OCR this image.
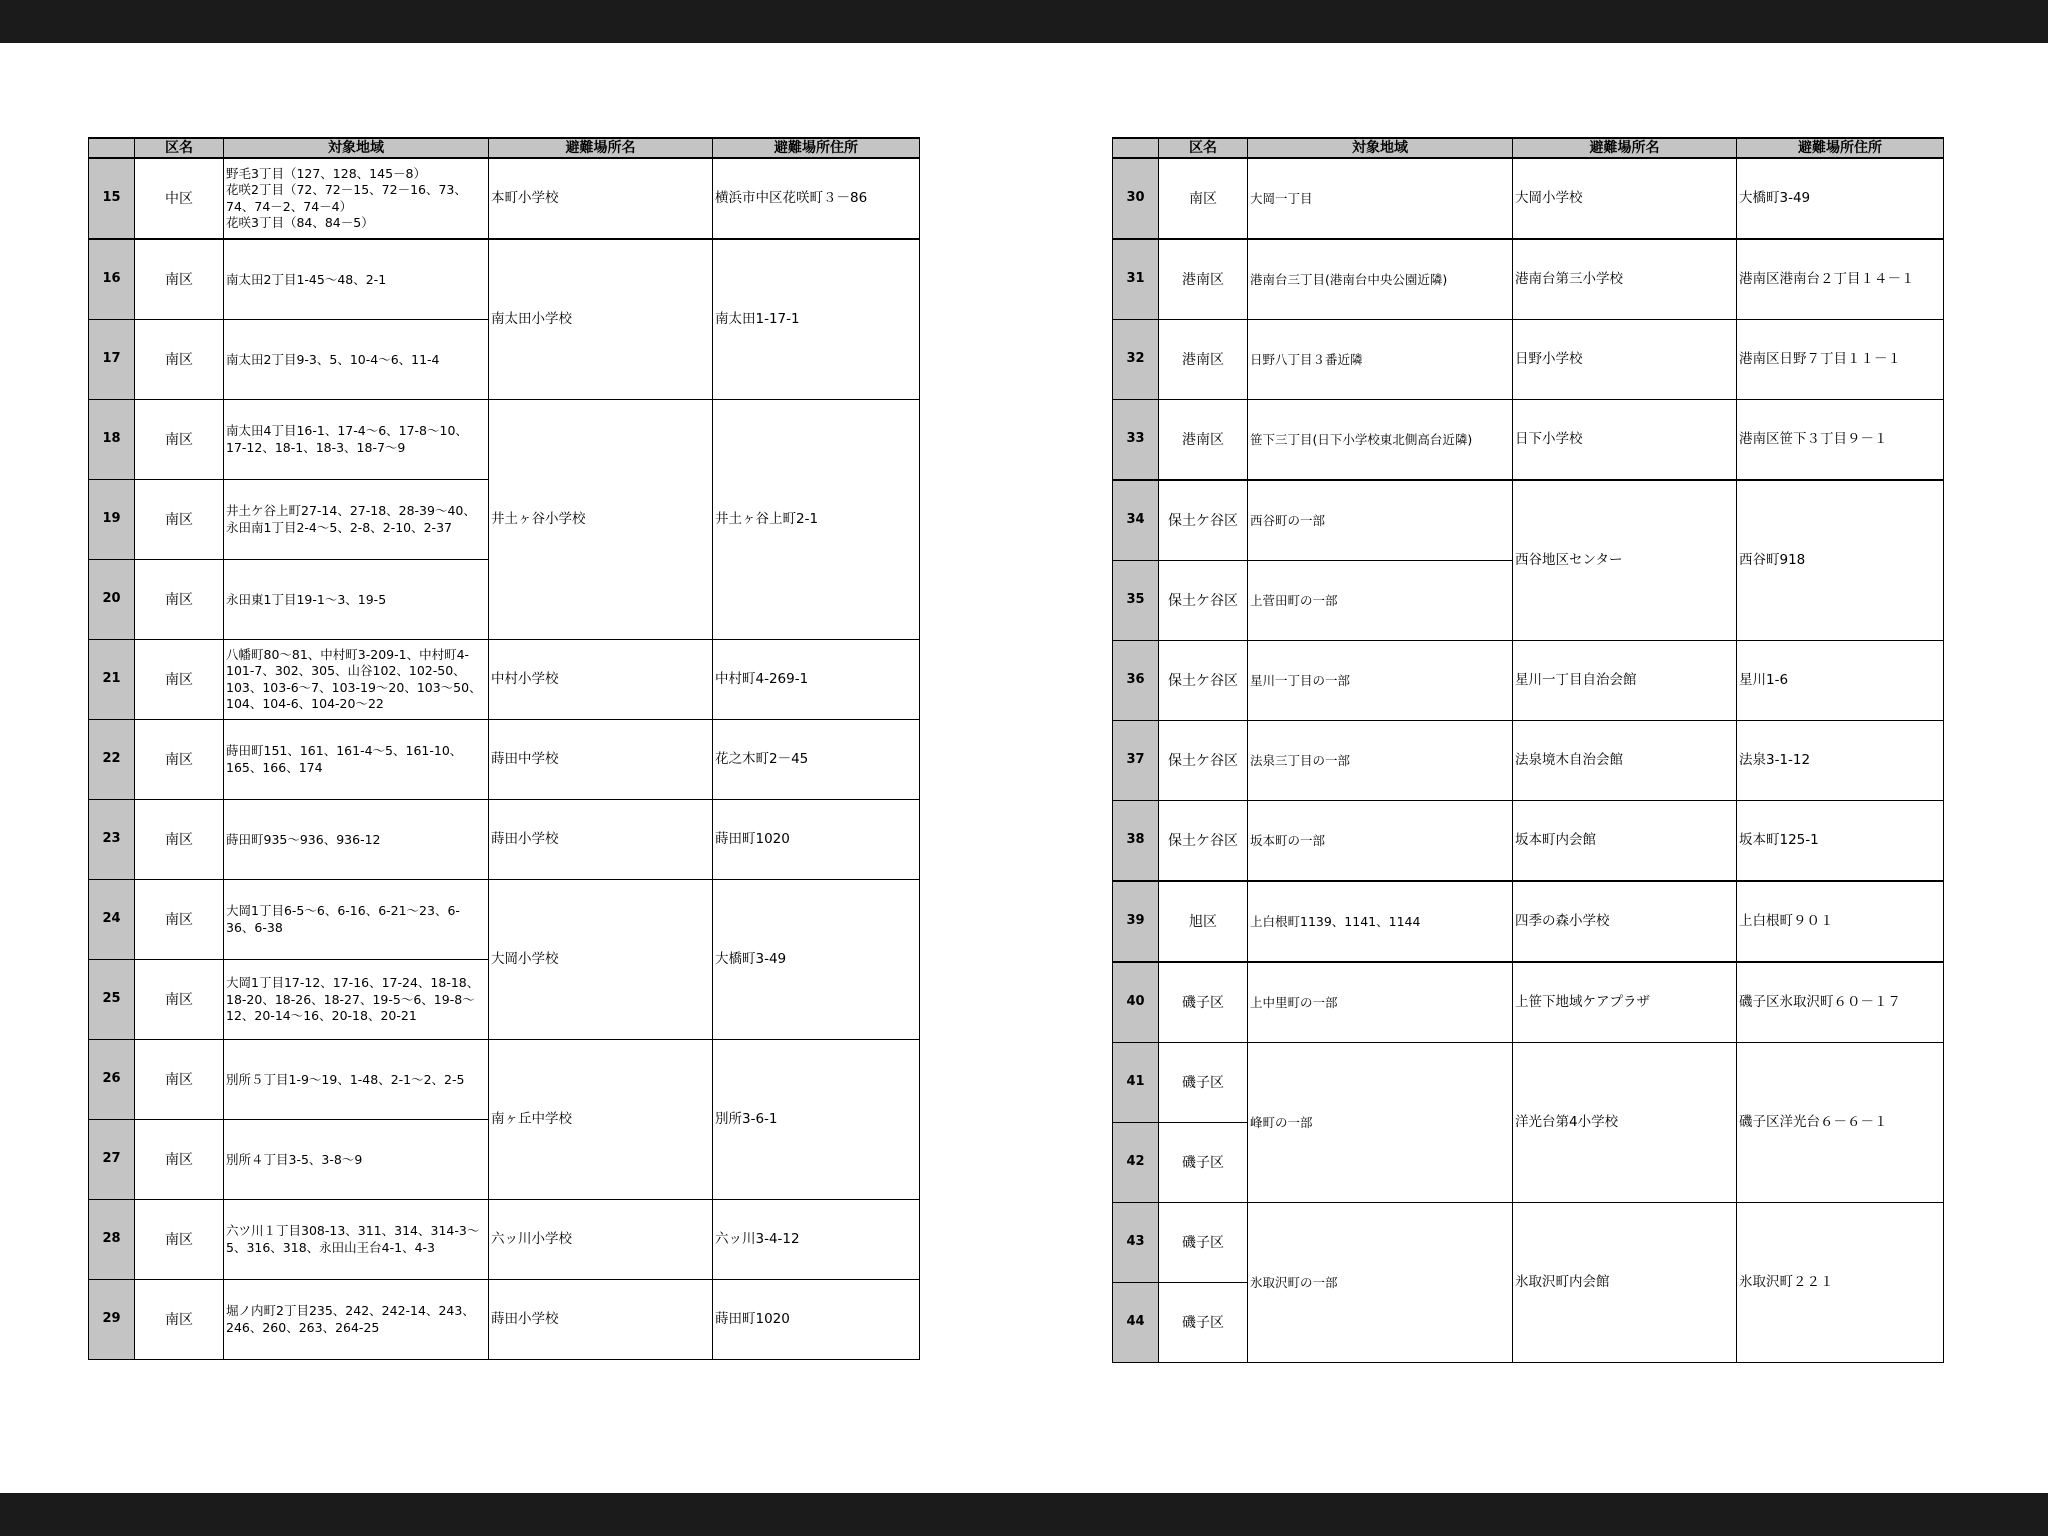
	区名	対象地域	避難場所名	避難場所住所
15	中区	野毛3丁目（127、128、145－8）
花咲2丁目（72、72－15、72－16、73、74、74－2、74－4）
花咲3丁目（84、84－5）	本町小学校	横浜市中区花咲町３－86
16	南区	南太田2丁目1-45～48、2-1	南太田小学校	南太田1-17-1
17	南区	南太田2丁目9-3、5、10-4～6、11-4		
18	南区	南太田4丁目16-1、17-4～6、17-8～10、17-12、18-1、18-3、18-7～9	井土ヶ谷小学校	井土ヶ谷上町2-1
19	南区	井土ケ谷上町27-14、27-18、28-39～40、永田南1丁目2-4～5、2-8、2-10、2-37		
20	南区	永田東1丁目19-1～3、19-5		
21	南区	八幡町80～81、中村町3-209-1、中村町4-101-7、302、305、山谷102、102-50、103、103-6～7、103-19～20、103～50、104、104-6、104-20～22	中村小学校	中村町4-269-1
22	南区	蒔田町151、161、161-4～5、161-10、165、166、174	蒔田中学校	花之木町2－45
23	南区	蒔田町935～936、936-12	蒔田小学校	蒔田町1020
24	南区	大岡1丁目6-5～6、6-16、6-21～23、6-36、6-38	大岡小学校	大橋町3-49
25	南区	大岡1丁目17-12、17-16、17-24、18-18、18-20、18-26、18-27、19-5～6、19-8～12、20-14～16、20-18、20-21		
26	南区	別所５丁目1-9～19、1-48、2-1～2、2-5	南ヶ丘中学校	別所3-6-1
27	南区	別所４丁目3-5、3-8～9		
28	南区	六ツ川１丁目308-13、311、314、314-3～5、316、318、永田山王台4-1、4-3	六ッ川小学校	六ッ川3-4-12
29	南区	堀ノ内町2丁目235、242、242-14、243、246、260、263、264-25	蒔田小学校	蒔田町1020
	区名	対象地域	避難場所名	避難場所住所
30	南区	大岡一丁目	大岡小学校	大橋町3-49
31	港南区	港南台三丁目(港南台中央公園近隣)	港南台第三小学校	港南区港南台２丁目１４－１
32	港南区	日野八丁目３番近隣	日野小学校	港南区日野７丁目１１－１
33	港南区	笹下三丁目(日下小学校東北側高台近隣)	日下小学校	港南区笹下３丁目９－１
34	保土ケ谷区	西谷町の一部	西谷地区センター	西谷町918
35	保土ケ谷区	上菅田町の一部		
36	保土ケ谷区	星川一丁目の一部	星川一丁目自治会館	星川1-6
37	保土ケ谷区	法泉三丁目の一部	法泉境木自治会館	法泉3-1-12
38	保土ケ谷区	坂本町の一部	坂本町内会館	坂本町125-1
39	旭区	上白根町1139、1141、1144	四季の森小学校	上白根町９０１
40	磯子区	上中里町の一部	上笹下地域ケアプラザ	磯子区氷取沢町６０－１７
41	磯子区	峰町の一部	洋光台第4小学校	磯子区洋光台６－６－１
42	磯子区			
43	磯子区	氷取沢町の一部	氷取沢町内会館	氷取沢町２２１
44	磯子区			
